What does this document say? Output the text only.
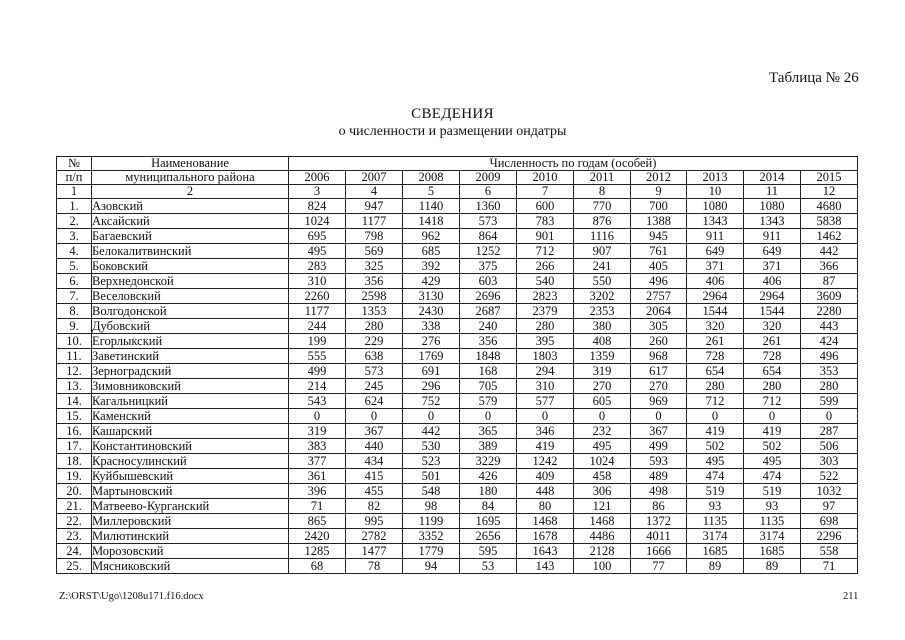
Таблица № 26
СВЕДЕНИЯ
о численности и размещении ондатры
№	Наименование	Численность по годам (особей)									
п/п	муниципального района	2006	2007	2008	2009	2010	2011	2012	2013	2014	2015
1	2	3	4	5	6	7	8	9	10	11	12
1.	Азовский	824	947	1140	1360	600	770	700	1080	1080	4680
2.	Аксайский	1024	1177	1418	573	783	876	1388	1343	1343	5838
3.	Багаевский	695	798	962	864	901	1116	945	911	911	1462
4.	Белокалитвинский	495	569	685	1252	712	907	761	649	649	442
5.	Боковский	283	325	392	375	266	241	405	371	371	366
6.	Верхнедонской	310	356	429	603	540	550	496	406	406	87
7.	Веселовский	2260	2598	3130	2696	2823	3202	2757	2964	2964	3609
8.	Волгодонской	1177	1353	2430	2687	2379	2353	2064	1544	1544	2280
9.	Дубовский	244	280	338	240	280	380	305	320	320	443
10.	Егорлыкский	199	229	276	356	395	408	260	261	261	424
11.	Заветинский	555	638	1769	1848	1803	1359	968	728	728	496
12.	Зерноградский	499	573	691	168	294	319	617	654	654	353
13.	Зимовниковский	214	245	296	705	310	270	270	280	280	280
14.	Кагальницкий	543	624	752	579	577	605	969	712	712	599
15.	Каменский	0	0	0	0	0	0	0	0	0	0
16.	Кашарский	319	367	442	365	346	232	367	419	419	287
17.	Константиновский	383	440	530	389	419	495	499	502	502	506
18.	Красносулинский	377	434	523	3229	1242	1024	593	495	495	303
19.	Куйбышевский	361	415	501	426	409	458	489	474	474	522
20.	Мартыновский	396	455	548	180	448	306	498	519	519	1032
21.	Матвеево-Курганский	71	82	98	84	80	121	86	93	93	97
22.	Миллеровский	865	995	1199	1695	1468	1468	1372	1135	1135	698
23.	Милютинский	2420	2782	3352	2656	1678	4486	4011	3174	3174	2296
24.	Морозовский	1285	1477	1779	595	1643	2128	1666	1685	1685	558
25.	Мясниковский	68	78	94	53	143	100	77	89	89	71
Z:\ORST\Ugo\1208u171.f16.docx	211
